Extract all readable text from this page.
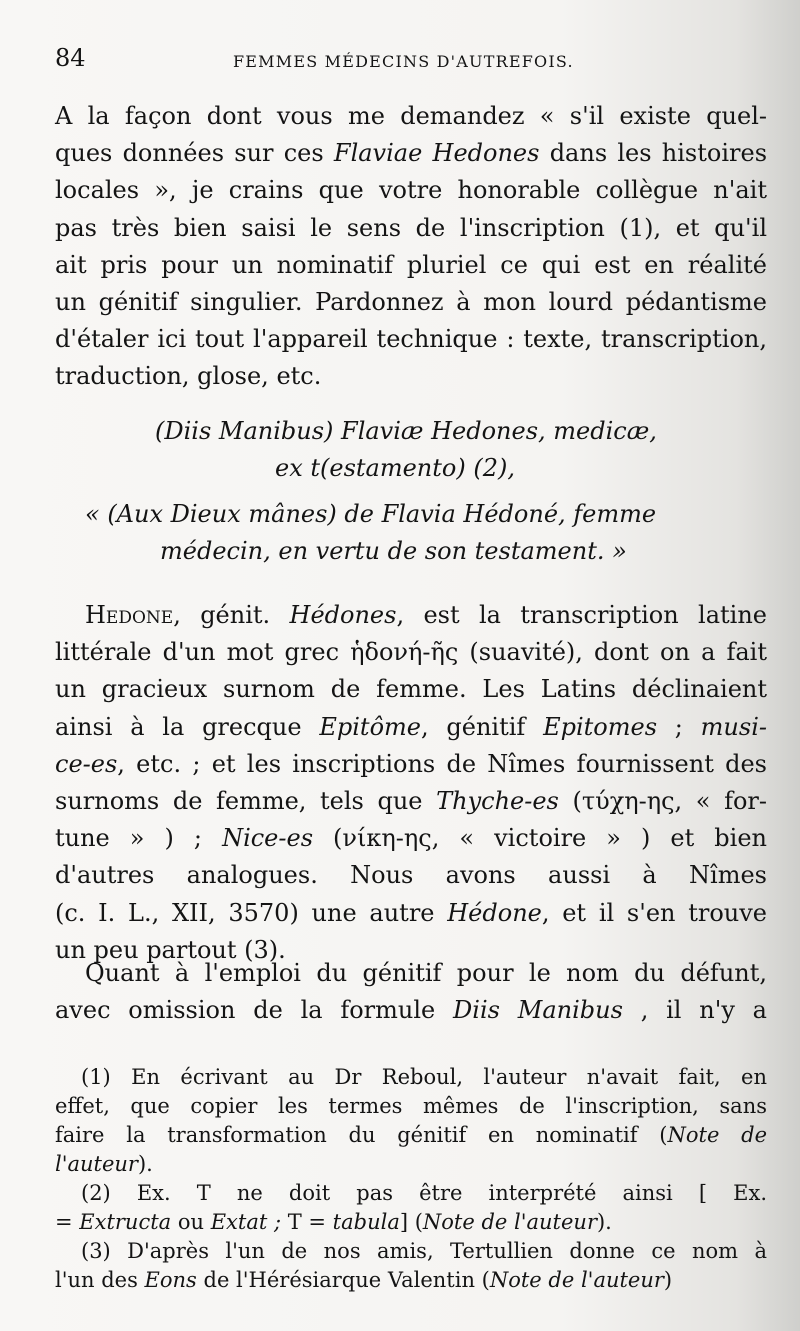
84	FEMMES MÉDECINS D'AUTREFOIS.
A la façon dont vous me demandez « s'il existe quel-
ques données sur ces Flaviae Hedones dans les histoires
locales », je crains que votre honorable collègue n'ait
pas très bien saisi le sens de l'inscription (1), et qu'il
ait pris pour un nominatif pluriel ce qui est en réalité
un génitif singulier. Pardonnez à mon lourd pédantisme
d'étaler ici tout l'appareil technique : texte, transcription,
traduction, glose, etc.
(Diis Manibus) Flaviæ Hedones, medicæ,
ex t(estamento) (2),
« (Aux Dieux mânes) de Flavia Hédoné, femme
médecin, en vertu de son testament. »
Hedone, génit. Hédones, est la transcription latine
littérale d'un mot grec ἡδονή-ῆς (suavité), dont on a fait
un gracieux surnom de femme. Les Latins déclinaient
ainsi à la grecque Epitôme, génitif Epitomes ; musi-
ce-es, etc. ; et les inscriptions de Nîmes fournissent des
surnoms de femme, tels que Thyche-es (τύχη-ης, « for-
tune » ) ; Nice-es (νίκη-ης, « victoire » ) et bien
d'autres analogues. Nous avons aussi à Nîmes
(c. I. L., XII, 3570) une autre Hédone, et il s'en trouve
un peu partout (3).
Quant à l'emploi du génitif pour le nom du défunt,
avec omission de la formule Diis Manibus , il n'y a
(1) En écrivant au Dr Reboul, l'auteur n'avait fait, en
effet, que copier les termes mêmes de l'inscription, sans
faire la transformation du génitif en nominatif (Note de
l'auteur).
(2) Ex. T ne doit pas être interprété ainsi [ Ex.
= Extructa ou Extat ; T = tabula] (Note de l'auteur).
(3) D'après l'un de nos amis, Tertullien donne ce nom à
l'un des Eons de l'Hérésiarque Valentin (Note de l'auteur)
